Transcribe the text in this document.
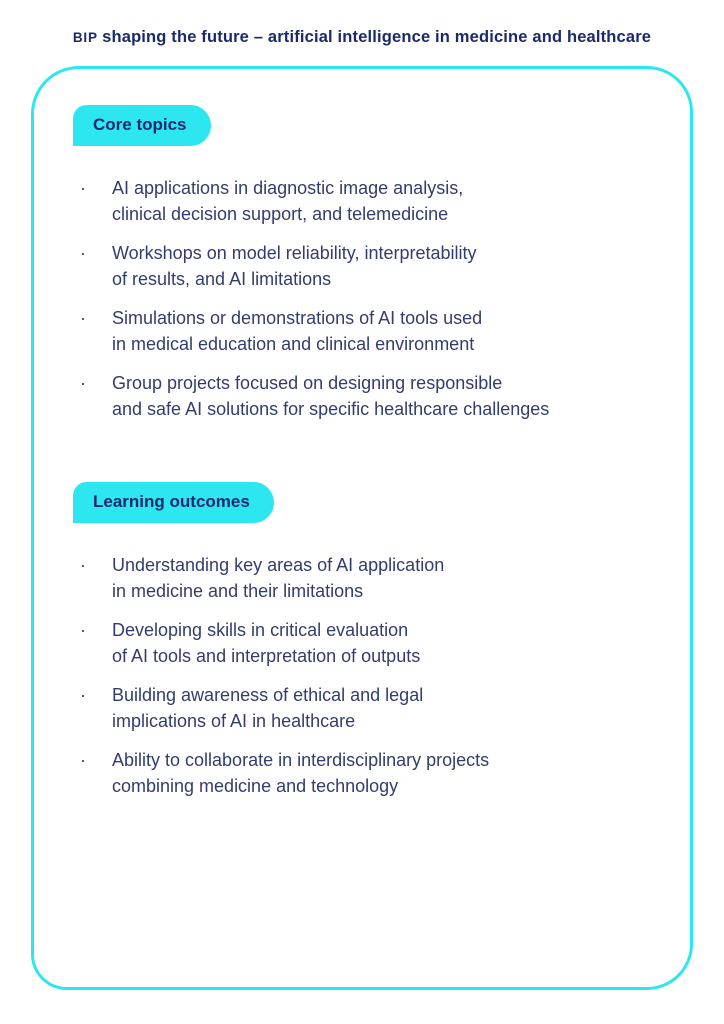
BIP shaping the future – artificial intelligence in medicine and healthcare
Core topics
·	AI applications in diagnostic image analysis,
clinical decision support, and telemedicine
·	Workshops on model reliability, interpretability
of results, and AI limitations
·	Simulations or demonstrations of AI tools used
in medical education and clinical environment
·	Group projects focused on designing responsible
and safe AI solutions for specific healthcare challenges
Learning outcomes
·	Understanding key areas of AI application
in medicine and their limitations
·	Developing skills in critical evaluation
of AI tools and interpretation of outputs
·	Building awareness of ethical and legal
implications of AI in healthcare
·	Ability to collaborate in interdisciplinary projects
combining medicine and technology
